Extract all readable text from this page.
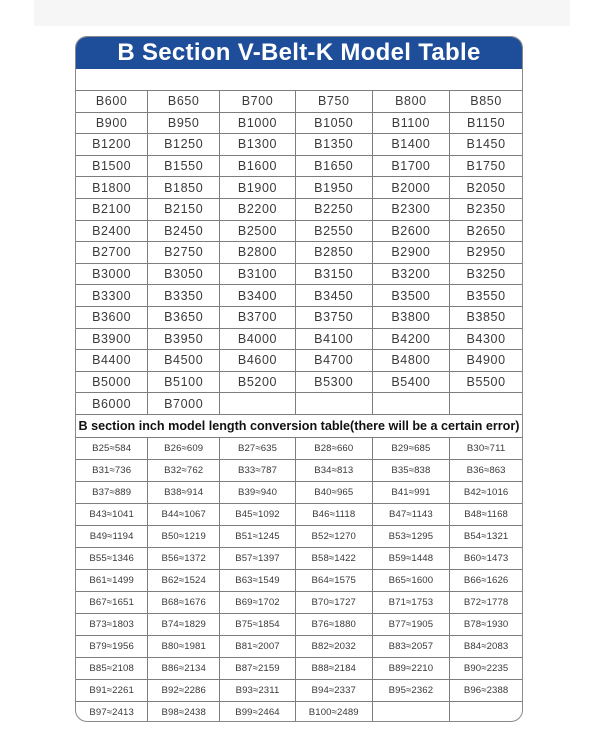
B Section V-Belt-K Model Table
B600	B650	B700	B750	B800	B850
B900	B950	B1000	B1050	B1100	B1150
B1200	B1250	B1300	B1350	B1400	B1450
B1500	B1550	B1600	B1650	B1700	B1750
B1800	B1850	B1900	B1950	B2000	B2050
B2100	B2150	B2200	B2250	B2300	B2350
B2400	B2450	B2500	B2550	B2600	B2650
B2700	B2750	B2800	B2850	B2900	B2950
B3000	B3050	B3100	B3150	B3200	B3250
B3300	B3350	B3400	B3450	B3500	B3550
B3600	B3650	B3700	B3750	B3800	B3850
B3900	B3950	B4000	B4100	B4200	B4300
B4400	B4500	B4600	B4700	B4800	B4900
B5000	B5100	B5200	B5300	B5400	B5500
B6000	B7000				
B section inch model length conversion table(there will be a certain error)
B25≈584	B26≈609	B27≈635	B28≈660	B29≈685	B30≈711
B31≈736	B32≈762	B33≈787	B34≈813	B35≈838	B36≈863
B37≈889	B38≈914	B39≈940	B40≈965	B41≈991	B42≈1016
B43≈1041	B44≈1067	B45≈1092	B46≈1118	B47≈1143	B48≈1168
B49≈1194	B50≈1219	B51≈1245	B52≈1270	B53≈1295	B54≈1321
B55≈1346	B56≈1372	B57≈1397	B58≈1422	B59≈1448	B60≈1473
B61≈1499	B62≈1524	B63≈1549	B64≈1575	B65≈1600	B66≈1626
B67≈1651	B68≈1676	B69≈1702	B70≈1727	B71≈1753	B72≈1778
B73≈1803	B74≈1829	B75≈1854	B76≈1880	B77≈1905	B78≈1930
B79≈1956	B80≈1981	B81≈2007	B82≈2032	B83≈2057	B84≈2083
B85≈2108	B86≈2134	B87≈2159	B88≈2184	B89≈2210	B90≈2235
B91≈2261	B92≈2286	B93≈2311	B94≈2337	B95≈2362	B96≈2388
B97≈2413	B98≈2438	B99≈2464	B100≈2489		
